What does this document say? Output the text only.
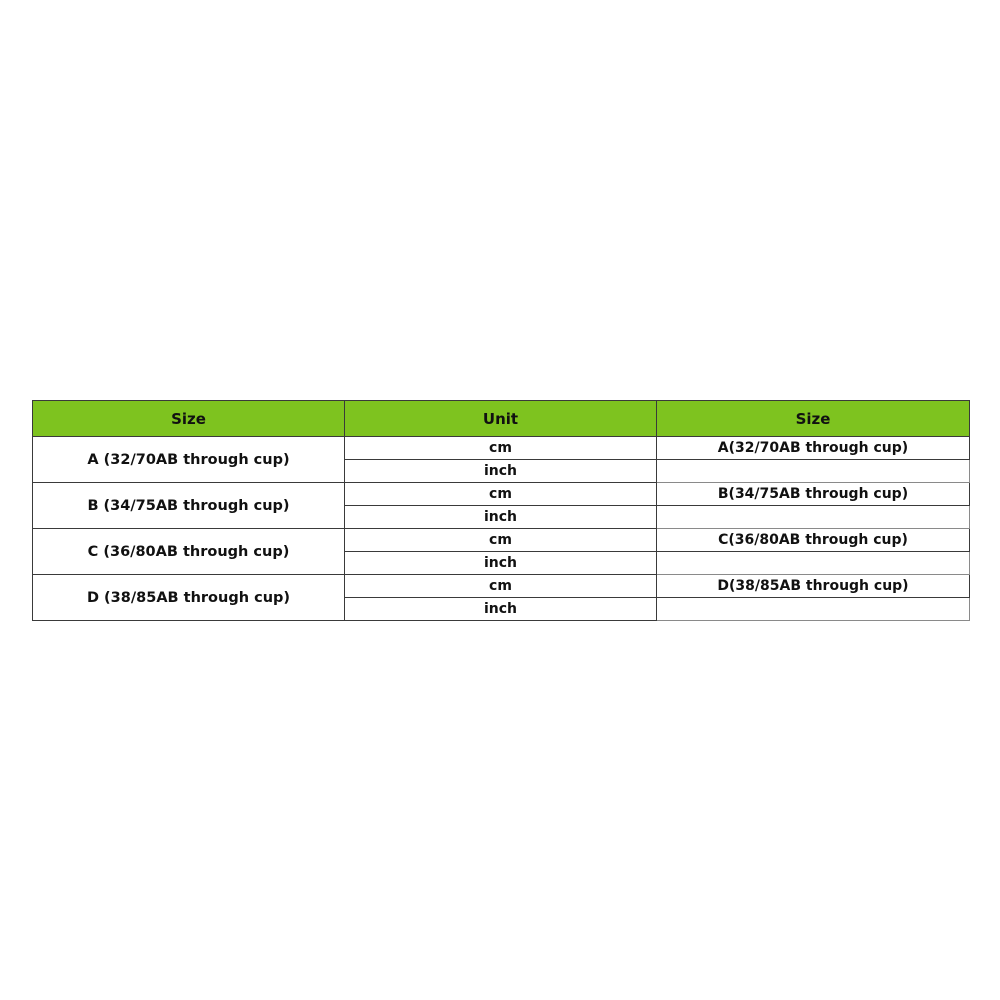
Size	Unit	Size
A (32/70AB through cup)	cm	A(32/70AB through cup)
	inch	
B (34/75AB through cup)	cm	B(34/75AB through cup)
	inch	
C (36/80AB through cup)	cm	C(36/80AB through cup)
	inch	
D (38/85AB through cup)	cm	D(38/85AB through cup)
	inch	
